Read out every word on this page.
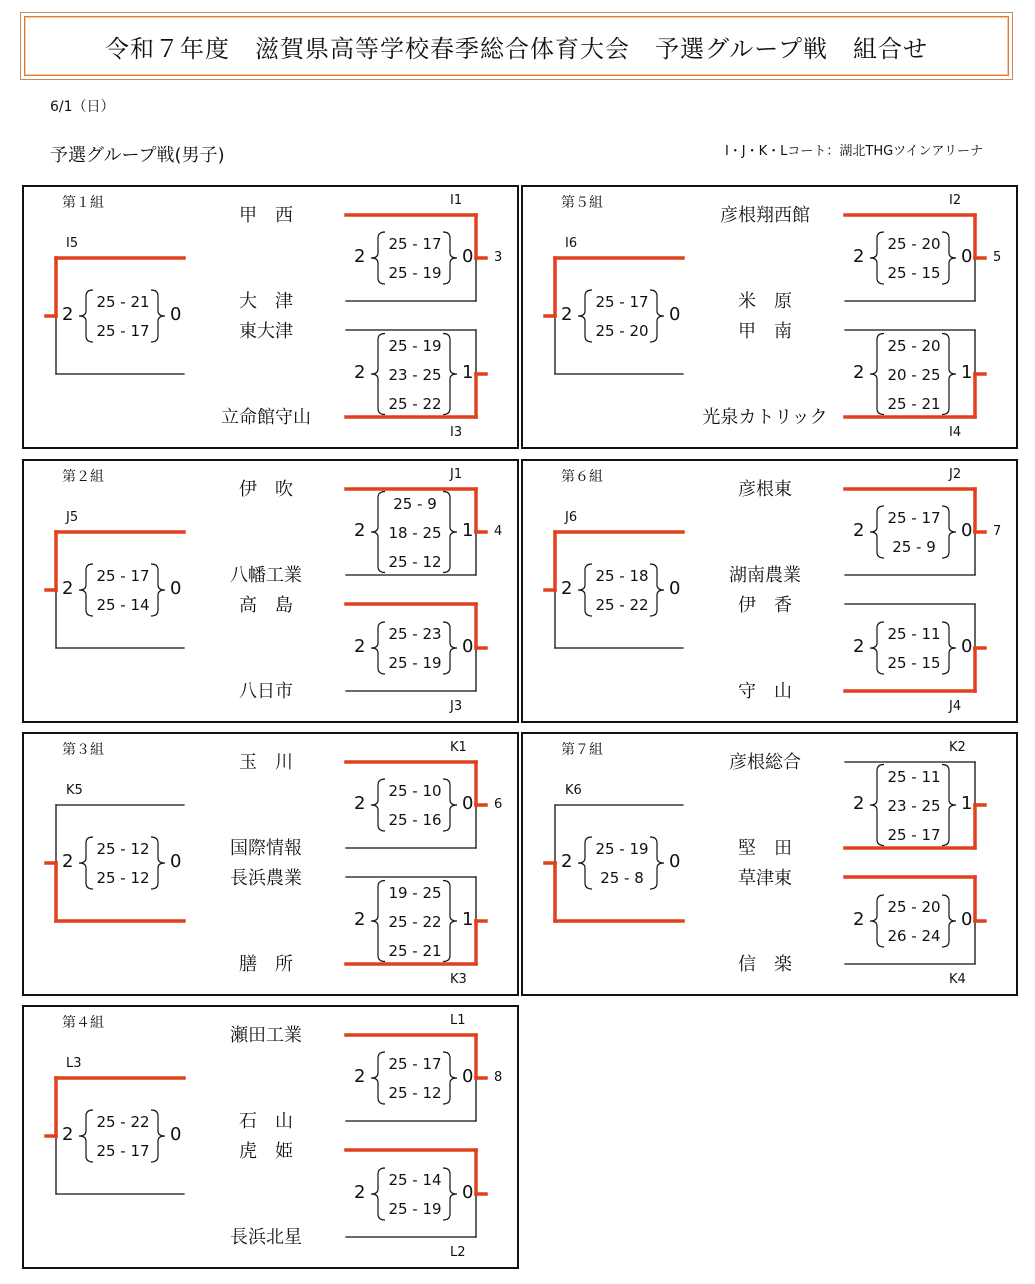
令和７年度　滋賀県高等学校春季総合体育大会　予選グループ戦　組合せ
6/1（日）
予選グループ戦(男子)	I・J・K・Lコート：湖北THGツインアリーナ
第１組
甲　西
大　津
東大津
立命館守山
I1
3
2
25 - 17
25 - 19
0
I3
2
25 - 19
23 - 25
25 - 22
1
I5
2
25 - 21
25 - 17
0
第２組
伊　吹
八幡工業
高　島
八日市
J1
4
2
25 - 9
18 - 25
25 - 12
1
J3
2
25 - 23
25 - 19
0
J5
2
25 - 17
25 - 14
0
第３組
玉　川
国際情報
長浜農業
膳　所
K1
6
2
25 - 10
25 - 16
0
K3
2
19 - 25
25 - 22
25 - 21
1
K5
2
25 - 12
25 - 12
0
第４組
瀬田工業
石　山
虎　姫
長浜北星
L1
8
2
25 - 17
25 - 12
0
L2
2
25 - 14
25 - 19
0
L3
2
25 - 22
25 - 17
0
第５組
彦根翔西館
米　原
甲　南
光泉カトリック
I2
5
2
25 - 20
25 - 15
0
I4
2
25 - 20
20 - 25
25 - 21
1
I6
2
25 - 17
25 - 20
0
第６組
彦根東
湖南農業
伊　香
守　山
J2
7
2
25 - 17
25 - 9
0
J4
2
25 - 11
25 - 15
0
J6
2
25 - 18
25 - 22
0
第７組
彦根総合
堅　田
草津東
信　楽
K2
2
25 - 11
23 - 25
25 - 17
1
K4
2
25 - 20
26 - 24
0
K6
2
25 - 19
25 - 8
0
